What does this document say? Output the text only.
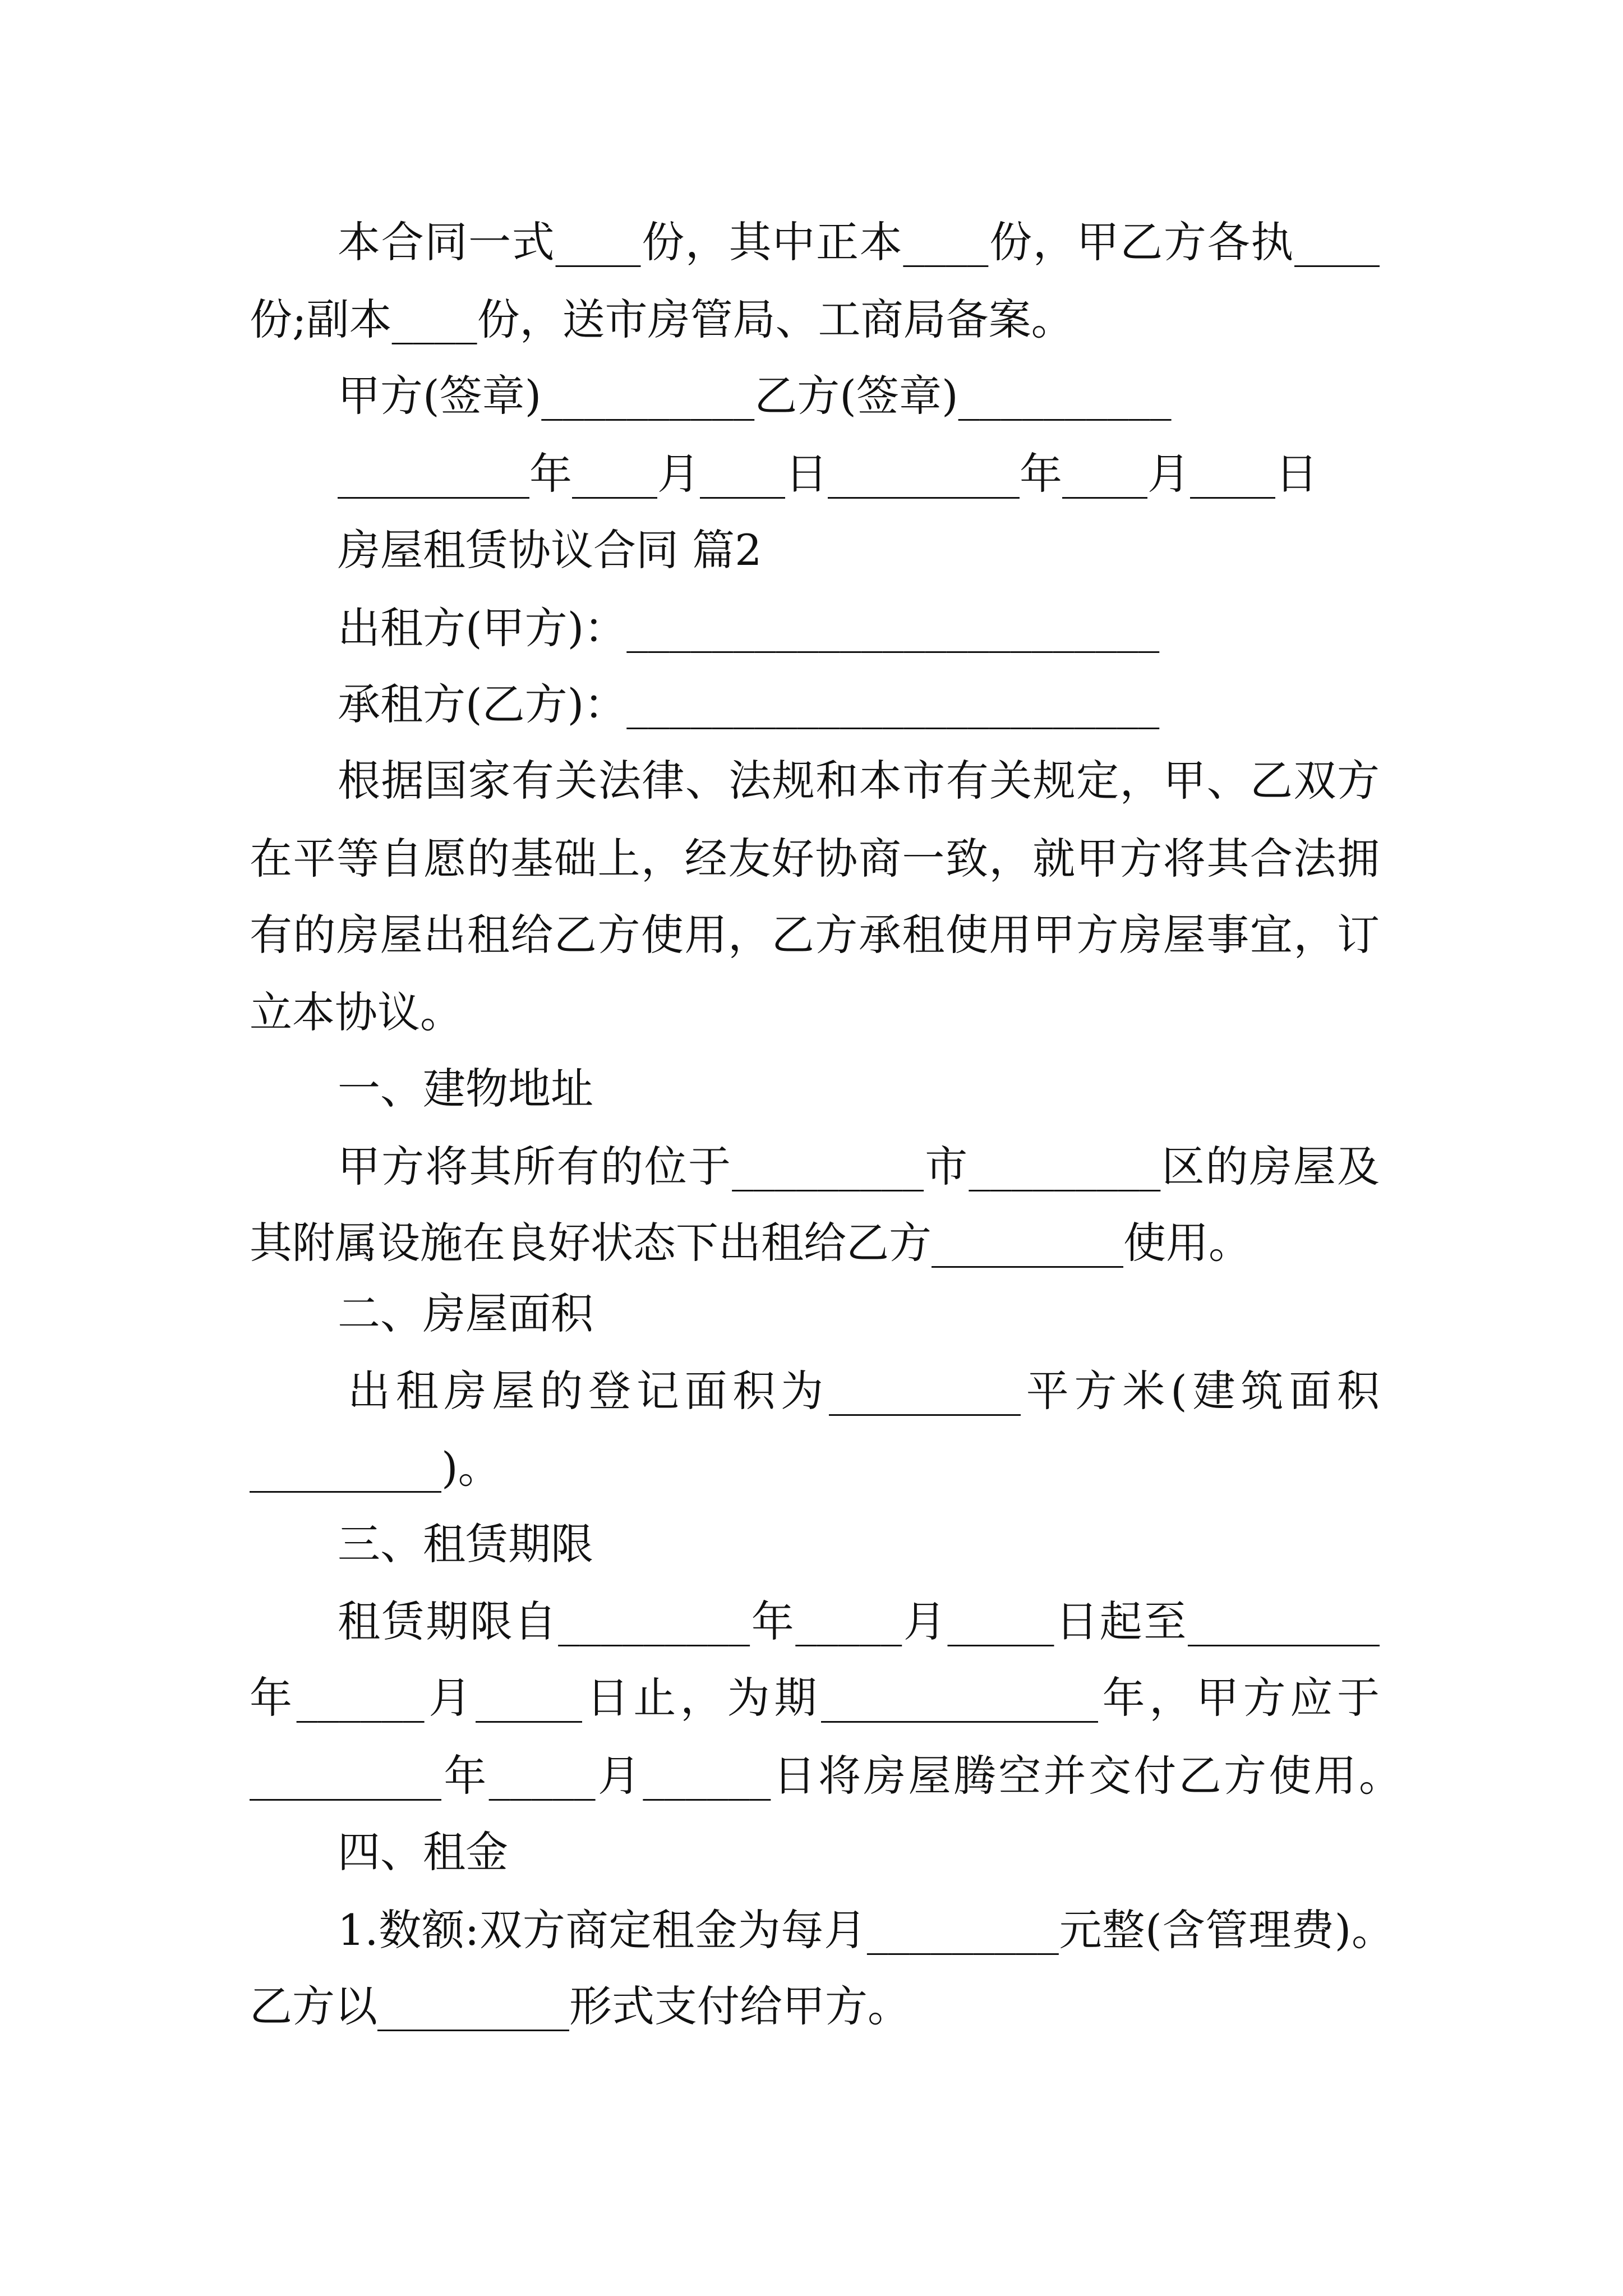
本合同一式____份，其中正本____份，甲乙方各执____
份;副本____份，送市房管局、工商局备案。
甲方(签章)__________乙方(签章)__________
_________年____月____日_________年____月____日
房屋租赁协议合同 篇2
出租方(甲方)：_________________________
承租方(乙方)：_________________________
根据国家有关法律、法规和本市有关规定，甲、乙双方
在平等自愿的基础上，经友好协商一致，就甲方将其合法拥
有的房屋出租给乙方使用，乙方承租使用甲方房屋事宜，订
立本协议。
一、建物地址
甲方将其所有的位于_________市_________区的房屋及
其附属设施在良好状态下出租给乙方_________使用。
二、房屋面积
出租房屋的登记面积为_________平方米(建筑面积
_________)。
三、租赁期限
租赁期限自_________年_____月_____日起至_________
年______月_____日止，为期_____________年，甲方应于
_________年_____月______日将房屋腾空并交付乙方使用。
四、租金
1.数额:双方商定租金为每月_________元整(含管理费)。
乙方以_________形式支付给甲方。
